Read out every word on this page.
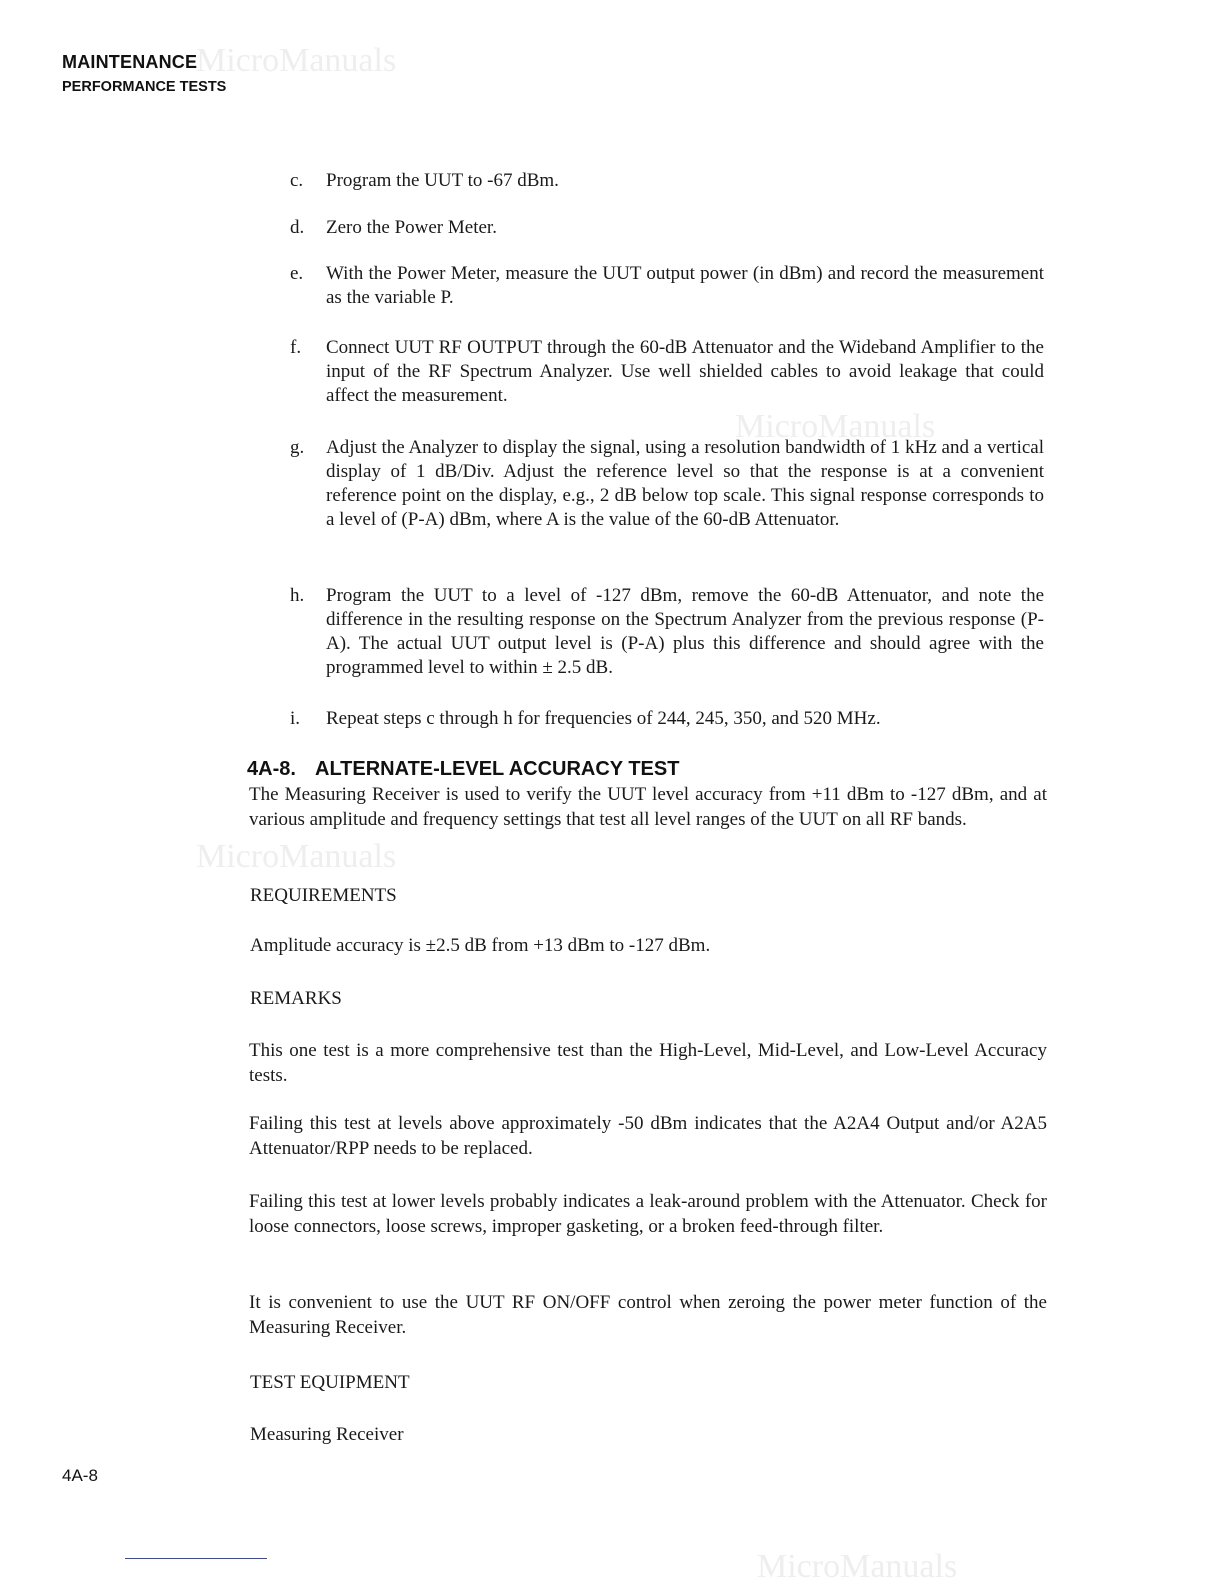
MicroManuals
MicroManuals
MicroManuals
MicroManuals
MAINTENANCE
PERFORMANCE TESTS
c.	Program the UUT to -67 dBm.
d.	Zero the Power Meter.
e.	With the Power Meter, measure the UUT output power (in dBm) and record the measurement as the variable P.
f.	Connect UUT RF OUTPUT through the 60-dB Attenuator and the Wideband Amplifier to the input of the RF Spectrum Analyzer. Use well shielded cables to avoid leakage that could affect the measurement.
g.	Adjust the Analyzer to display the signal, using a resolution bandwidth of 1 kHz and a vertical display of 1 dB/Div. Adjust the reference level so that the response is at a convenient reference point on the display, e.g., 2 dB below top scale. This signal response corresponds to a level of (P-A) dBm, where A is the value of the 60-dB Attenuator.
h.	Program the UUT to a level of -127 dBm, remove the 60-dB Attenuator, and note the difference in the resulting response on the Spectrum Analyzer from the previous response (P-A). The actual UUT output level is (P-A) plus this difference and should agree with the programmed level to within ± 2.5 dB.
i.	Repeat steps c through h for frequencies of 244, 245, 350, and 520 MHz.
4A-8. ALTERNATE-LEVEL ACCURACY TEST
The Measuring Receiver is used to verify the UUT level accuracy from +11 dBm to -127 dBm, and at various amplitude and frequency settings that test all level ranges of the UUT on all RF bands.
REQUIREMENTS
Amplitude accuracy is ±2.5 dB from +13 dBm to -127 dBm.
REMARKS
This one test is a more comprehensive test than the High-Level, Mid-Level, and Low-Level Accuracy tests.
Failing this test at levels above approximately -50 dBm indicates that the A2A4 Output and/or A2A5 Attenuator/RPP needs to be replaced.
Failing this test at lower levels probably indicates a leak-around problem with the Attenuator. Check for loose connectors, loose screws, improper gasketing, or a broken feed-through filter.
It is convenient to use the UUT RF ON/OFF control when zeroing the power meter function of the Measuring Receiver.
TEST EQUIPMENT
Measuring Receiver
4A-8
